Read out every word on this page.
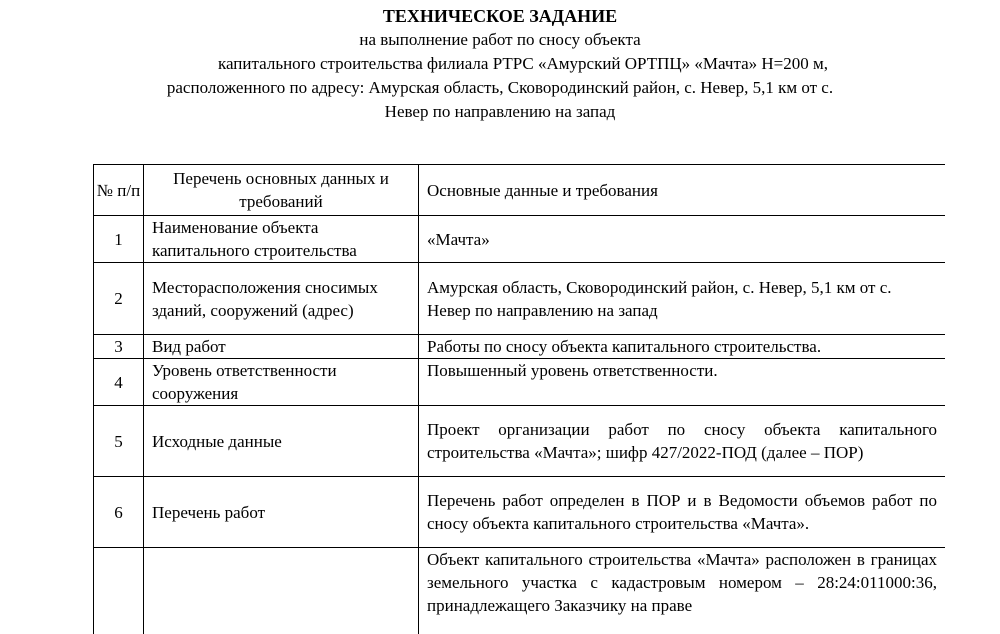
ТЕХНИЧЕСКОЕ ЗАДАНИЕ
на выполнение работ по сносу объекта
капитального строительства филиала РТРС «Амурский ОРТПЦ» «Мачта» Н=200 м,
расположенного по адресу: Амурская область, Сковородинский район, с. Невер, 5,1 км от с.
Невер по направлению на запад
№ п/п	Перечень основных данных и требований	Основные данные и требования
1	Наименование объекта капитального строительства	«Мачта»
2	Месторасположения сносимых зданий, сооружений (адрес)	Амурская область, Сковородинский район, с. Невер, 5,1 км от с. Невер по направлению на запад
3	Вид работ	Работы по сносу объекта капитального строительства.
4	Уровень ответственности сооружения	Повышенный уровень ответственности.
5	Исходные данные	Проект организации работ по сносу объекта капитального строительства «Мачта»; шифр 427/2022-ПОД (далее – ПОР)
6	Перечень работ	Перечень работ определен в ПОР и в Ведомости объемов работ по сносу объекта капитального строительства «Мачта».
		Объект капитального строительства «Мачта» расположен в границах земельного участка с кадастровым номером – 28:24:011000:36, принадлежащего Заказчику на праве
